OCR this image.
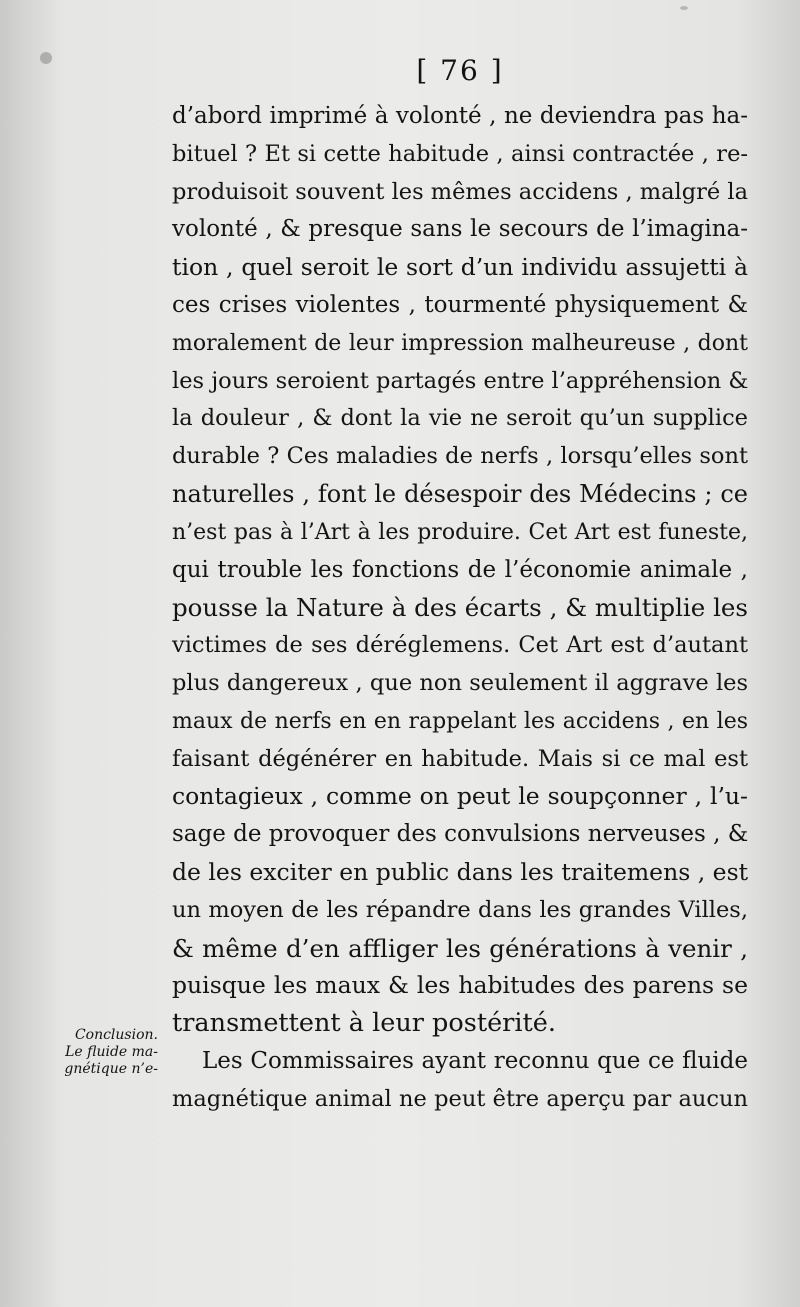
[ 76 ]
d’abord imprimé à volonté , ne deviendra pas ha-
bituel ? Et si cette habitude , ainsi contractée , re-
produisoit souvent les mêmes accidens , malgré la
volonté , & presque sans le secours de l’imagina-
tion , quel seroit le sort d’un individu assujetti à
ces crises violentes , tourmenté physiquement &
moralement de leur impression malheureuse , dont
les jours seroient partagés entre l’appréhension &
la douleur , & dont la vie ne seroit qu’un supplice
durable ? Ces maladies de nerfs , lorsqu’elles sont
naturelles , font le désespoir des Médecins ; ce
n’est pas à l’Art à les produire. Cet Art est funeste,
qui trouble les fonctions de l’économie animale ,
pousse la Nature à des écarts , & multiplie les
victimes de ses déréglemens. Cet Art est d’autant
plus dangereux , que non seulement il aggrave les
maux de nerfs en en rappelant les accidens , en les
faisant dégénérer en habitude. Mais si ce mal est
contagieux , comme on peut le soupçonner , l’u-
sage de provoquer des convulsions nerveuses , &
de les exciter en public dans les traitemens , est
un moyen de les répandre dans les grandes Villes,
& même d’en affliger les générations à venir ,
puisque les maux & les habitudes des parens se
transmettent à leur postérité.
Les Commissaires ayant reconnu que ce fluide
magnétique animal ne peut être aperçu par aucun
Conclusion.
Le fluide ma-
gnétique n’e-
